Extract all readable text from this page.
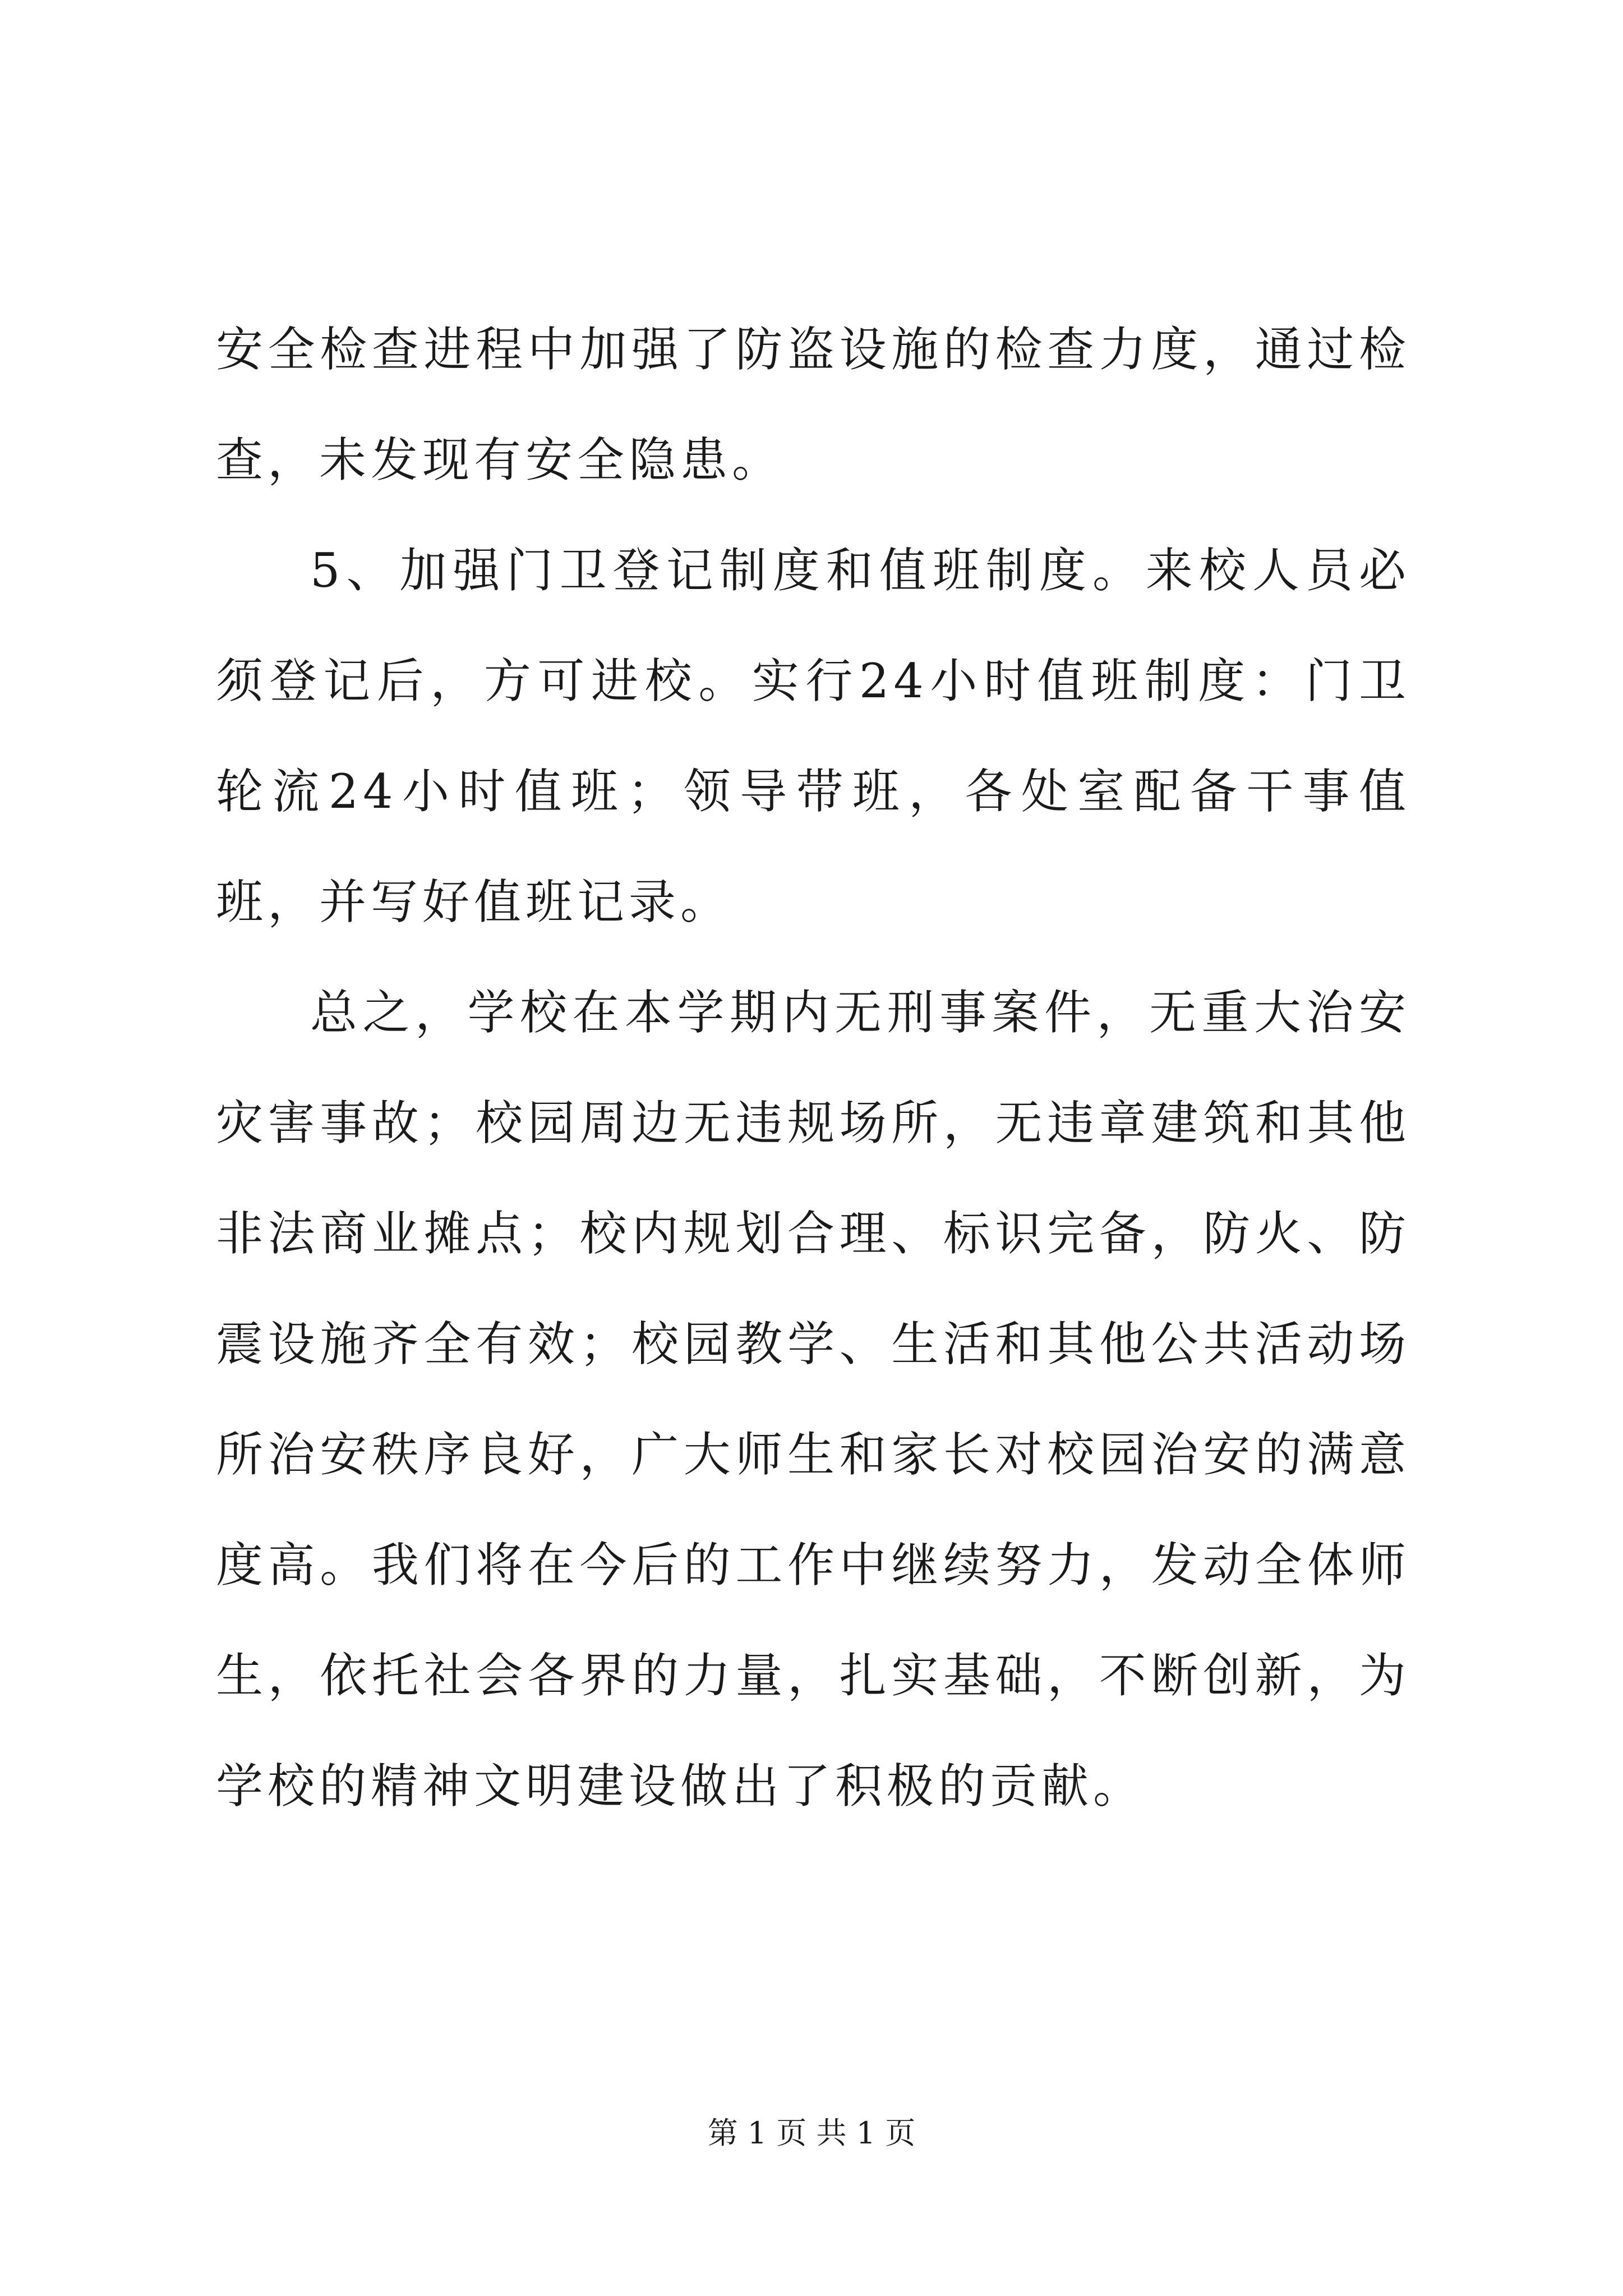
安全检查进程中加强了防盗设施的检查力度，通过检查，未发现有安全隐患。

5、加强门卫登记制度和值班制度。来校人员必须登记后，方可进校。实行24小时值班制度：门卫轮流24小时值班；领导带班，各处室配备干事值班，并写好值班记录。

总之，学校在本学期内无刑事案件，无重大治安灾害事故；校园周边无违规场所，无违章建筑和其他非法商业摊点；校内规划合理、标识完备，防火、防震设施齐全有效；校园教学、生活和其他公共活动场所治安秩序良好，广大师生和家长对校园治安的满意度高。我们将在今后的工作中继续努力，发动全体师生，依托社会各界的力量，扎实基础，不断创新，为学校的精神文明建设做出了积极的贡献。

第 1 页 共 1 页
